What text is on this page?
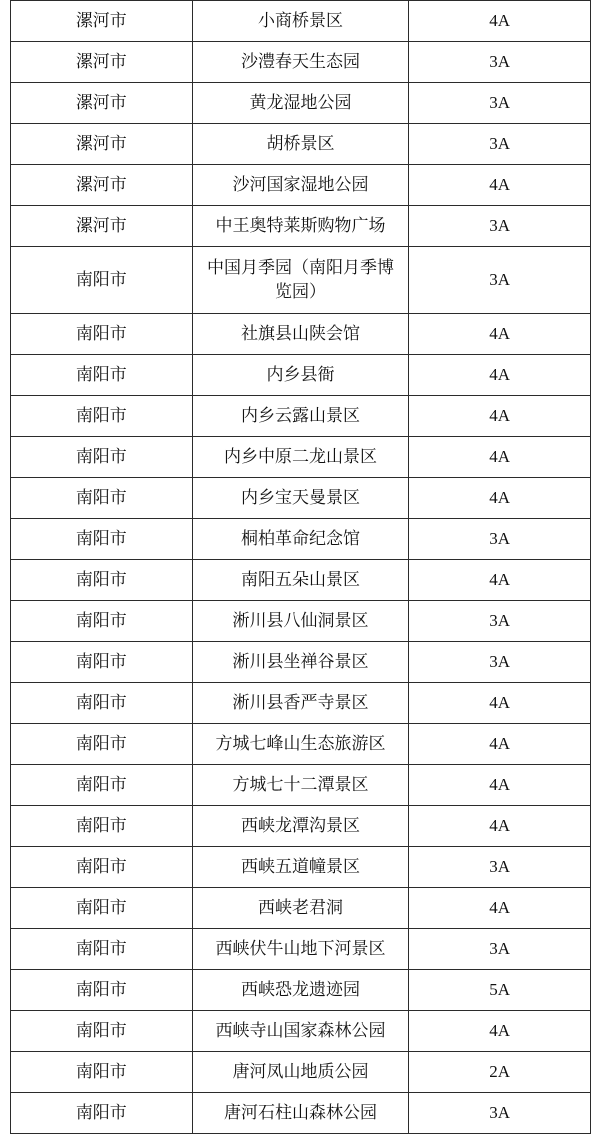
漯河市	小商桥景区	4A
漯河市	沙澧春天生态园	3A
漯河市	黄龙湿地公园	3A
漯河市	胡桥景区	3A
漯河市	沙河国家湿地公园	4A
漯河市	中王奥特莱斯购物广场	3A
南阳市	中国月季园（南阳月季博览园）	3A
南阳市	社旗县山陕会馆	4A
南阳市	内乡县衙	4A
南阳市	内乡云露山景区	4A
南阳市	内乡中原二龙山景区	4A
南阳市	内乡宝天曼景区	4A
南阳市	桐柏革命纪念馆	3A
南阳市	南阳五朵山景区	4A
南阳市	淅川县八仙洞景区	3A
南阳市	淅川县坐禅谷景区	3A
南阳市	淅川县香严寺景区	4A
南阳市	方城七峰山生态旅游区	4A
南阳市	方城七十二潭景区	4A
南阳市	西峡龙潭沟景区	4A
南阳市	西峡五道幢景区	3A
南阳市	西峡老君洞	4A
南阳市	西峡伏牛山地下河景区	3A
南阳市	西峡恐龙遗迹园	5A
南阳市	西峡寺山国家森林公园	4A
南阳市	唐河凤山地质公园	2A
南阳市	唐河石柱山森林公园	3A
